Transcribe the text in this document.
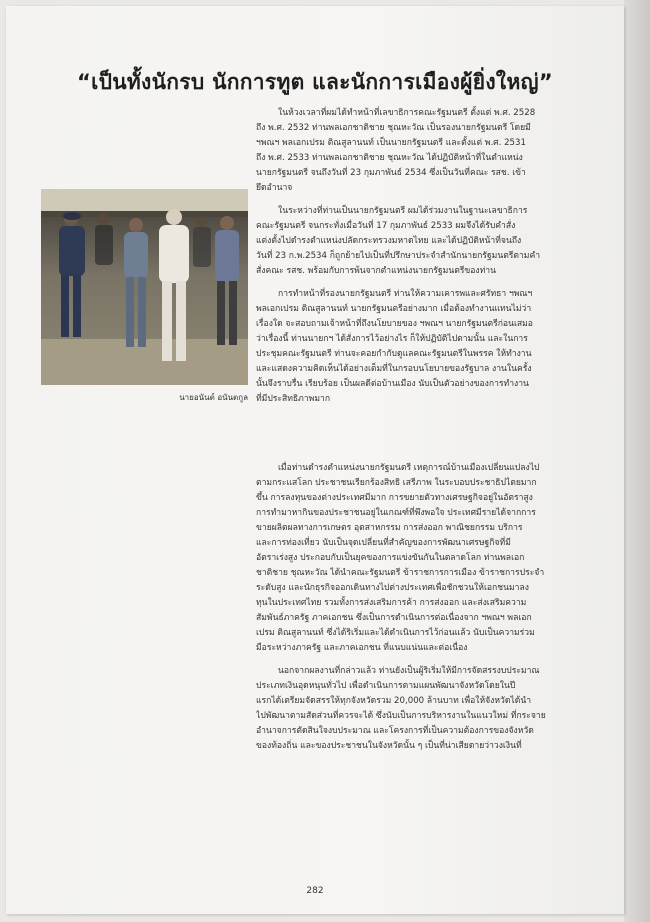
“เป็นทั้งนักรบ นักการทูต และนักการเมืองผู้ยิ่งใหญ่”
นายอนันต์ อนันตกูล
ในห้วงเวลาที่ผมได้ทำหน้าที่เลขาธิการคณะรัฐมนตรี ตั้งแต่ พ.ศ. 2528
ถึง พ.ศ. 2532 ท่านพลเอกชาติชาย ชุณหะวัณ เป็นรองนายกรัฐมนตรี โดยมี
ฯพณฯ พลเอกเปรม ติณสูลานนท์ เป็นนายกรัฐมนตรี และตั้งแต่ พ.ศ. 2531
ถึง พ.ศ. 2533 ท่านพลเอกชาติชาย ชุณหะวัณ ได้ปฏิบัติหน้าที่ในตำแหน่ง
นายกรัฐมนตรี จนถึงวันที่ 23 กุมภาพันธ์ 2534 ซึ่งเป็นวันที่คณะ รสช. เข้า
ยึดอำนาจ
ในระหว่างที่ท่านเป็นนายกรัฐมนตรี ผมได้ร่วมงานในฐานะเลขาธิการ
คณะรัฐมนตรี จนกระทั่งเมื่อวันที่ 17 กุมภาพันธ์ 2533 ผมจึงได้รับคำสั่ง
แต่งตั้งไปดำรงตำแหน่งปลัดกระทรวงมหาดไทย และได้ปฏิบัติหน้าที่จนถึง
วันที่ 23 ก.พ.2534 ก็ถูกย้ายไปเป็นที่ปรึกษาประจำสำนักนายกรัฐมนตรีตามคำ
สั่งคณะ รสช. พร้อมกับการพ้นจากตำแหน่งนายกรัฐมนตรีของท่าน
การทำหน้าที่รองนายกรัฐมนตรี ท่านให้ความเคารพและศรัทธา ฯพณฯ
พลเอกเปรม ติณสูลานนท์ นายกรัฐมนตรีอย่างมาก เมื่อต้องทำงานแทนไม่ว่า
เรื่องใด จะสอบถามเจ้าหน้าที่ถึงนโยบายของ ฯพณฯ นายกรัฐมนตรีก่อนเสมอ
ว่าเรื่องนี้ ท่านนายกฯ ได้สั่งการไว้อย่างไร ก็ให้ปฏิบัติไปตามนั้น และในการ
ประชุมคณะรัฐมนตรี ท่านจะคอยกำกับดูแลคณะรัฐมนตรีในพรรค ให้ทำงาน
และแสดงความคิดเห็นได้อย่างเต็มที่ในกรอบนโยบายของรัฐบาล งานในครั้ง
นั้นจึงราบรื่น เรียบร้อย เป็นผลดีต่อบ้านเมือง นับเป็นตัวอย่างของการทำงาน
ที่มีประสิทธิภาพมาก
เมื่อท่านดำรงตำแหน่งนายกรัฐมนตรี เหตุการณ์บ้านเมืองเปลี่ยนแปลงไป
ตามกระแสโลก ประชาชนเรียกร้องสิทธิ เสรีภาพ ในระบอบประชาธิปไตยมาก
ขึ้น การลงทุนของต่างประเทศมีมาก การขยายตัวทางเศรษฐกิจอยู่ในอัตราสูง
การทำมาหากินของประชาชนอยู่ในเกณฑ์ที่พึงพอใจ ประเทศมีรายได้จากการ
ขายผลิตผลทางการเกษตร อุตสาหกรรม การส่งออก พาณิชยกรรม บริการ
และการท่องเที่ยว นับเป็นจุดเปลี่ยนที่สำคัญของการพัฒนาเศรษฐกิจที่มี
อัตราเร่งสูง ประกอบกับเป็นยุคของการแข่งขันกันในตลาดโลก ท่านพลเอก
ชาติชาย ชุณหะวัณ ได้นำคณะรัฐมนตรี ข้าราชการการเมือง ข้าราชการประจำ
ระดับสูง และนักธุรกิจออกเดินทางไปต่างประเทศเพื่อชักชวนให้เอกชนมาลง
ทุนในประเทศไทย รวมทั้งการส่งเสริมการค้า การส่งออก และส่งเสริมความ
สัมพันธ์ภาครัฐ ภาคเอกชน ซึ่งเป็นการดำเนินการต่อเนื่องจาก ฯพณฯ พลเอก
เปรม ติณสูลานนท์ ซึ่งได้ริเริ่มและได้ดำเนินการไว้ก่อนแล้ว นับเป็นความร่วม
มือระหว่างภาครัฐ และภาคเอกชน ที่แนบแน่นและต่อเนื่อง
นอกจากผลงานที่กล่าวแล้ว ท่านยังเป็นผู้ริเริ่มให้มีการจัดสรรงบประมาณ
ประเภทเงินอุดหนุนทั่วไป เพื่อดำเนินการตามแผนพัฒนาจังหวัดโดยในปี
แรกได้เตรียมจัดสรรให้ทุกจังหวัดรวม 20,000 ล้านบาท เพื่อให้จังหวัดได้นำ
ไปพัฒนาตามสัดส่วนที่ควรจะได้ ซึ่งนับเป็นการบริหารงานในแนวใหม่ ที่กระจาย
อำนาจการตัดสินใจงบประมาณ และโครงการที่เป็นความต้องการของจังหวัด
ของท้องถิ่น และของประชาชนในจังหวัดนั้น ๆ เป็นที่น่าเสียดายว่าวงเงินที่
282
